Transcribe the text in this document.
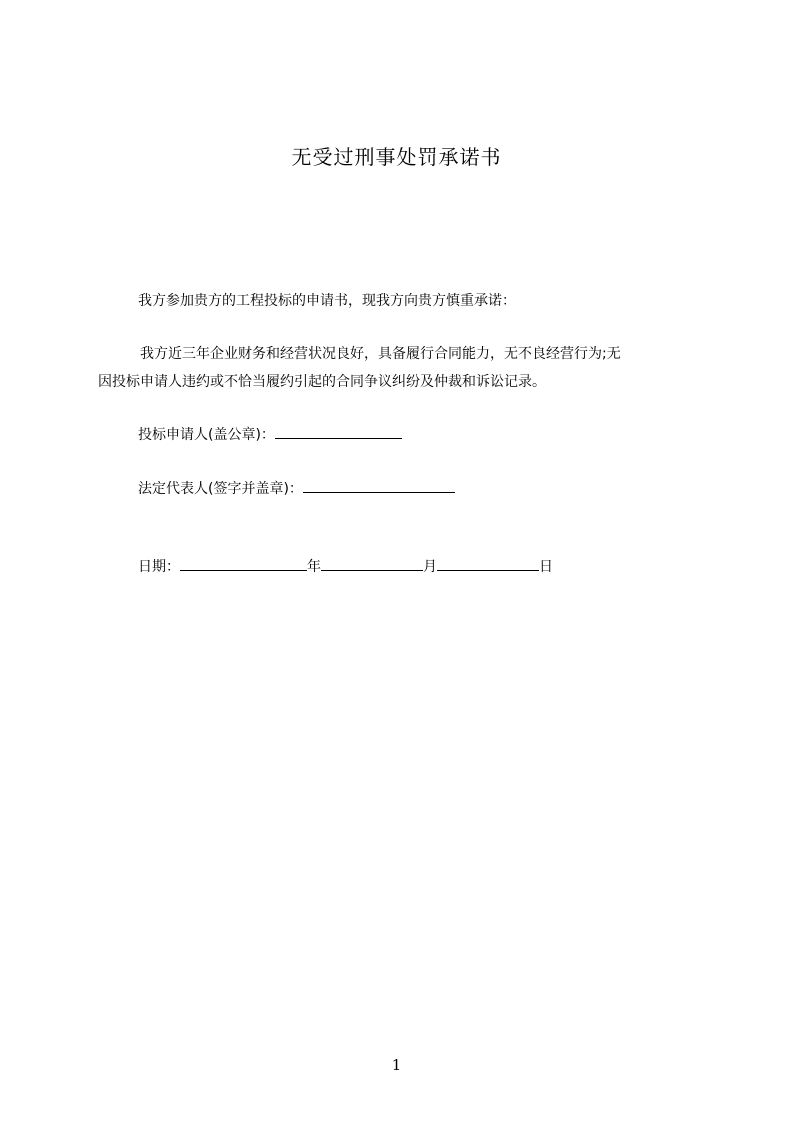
无受过刑事处罚承诺书
我方参加贵方的工程投标的申请书，现我方向贵方慎重承诺：
我方近三年企业财务和经营状况良好，具备履行合同能力，无不良经营行为;无
因投标申请人违约或不恰当履约引起的合同争议纠纷及仲裁和诉讼记录。
投标申请人(盖公章)：
法定代表人(签字并盖章)：
日期：	年	月	日
1
